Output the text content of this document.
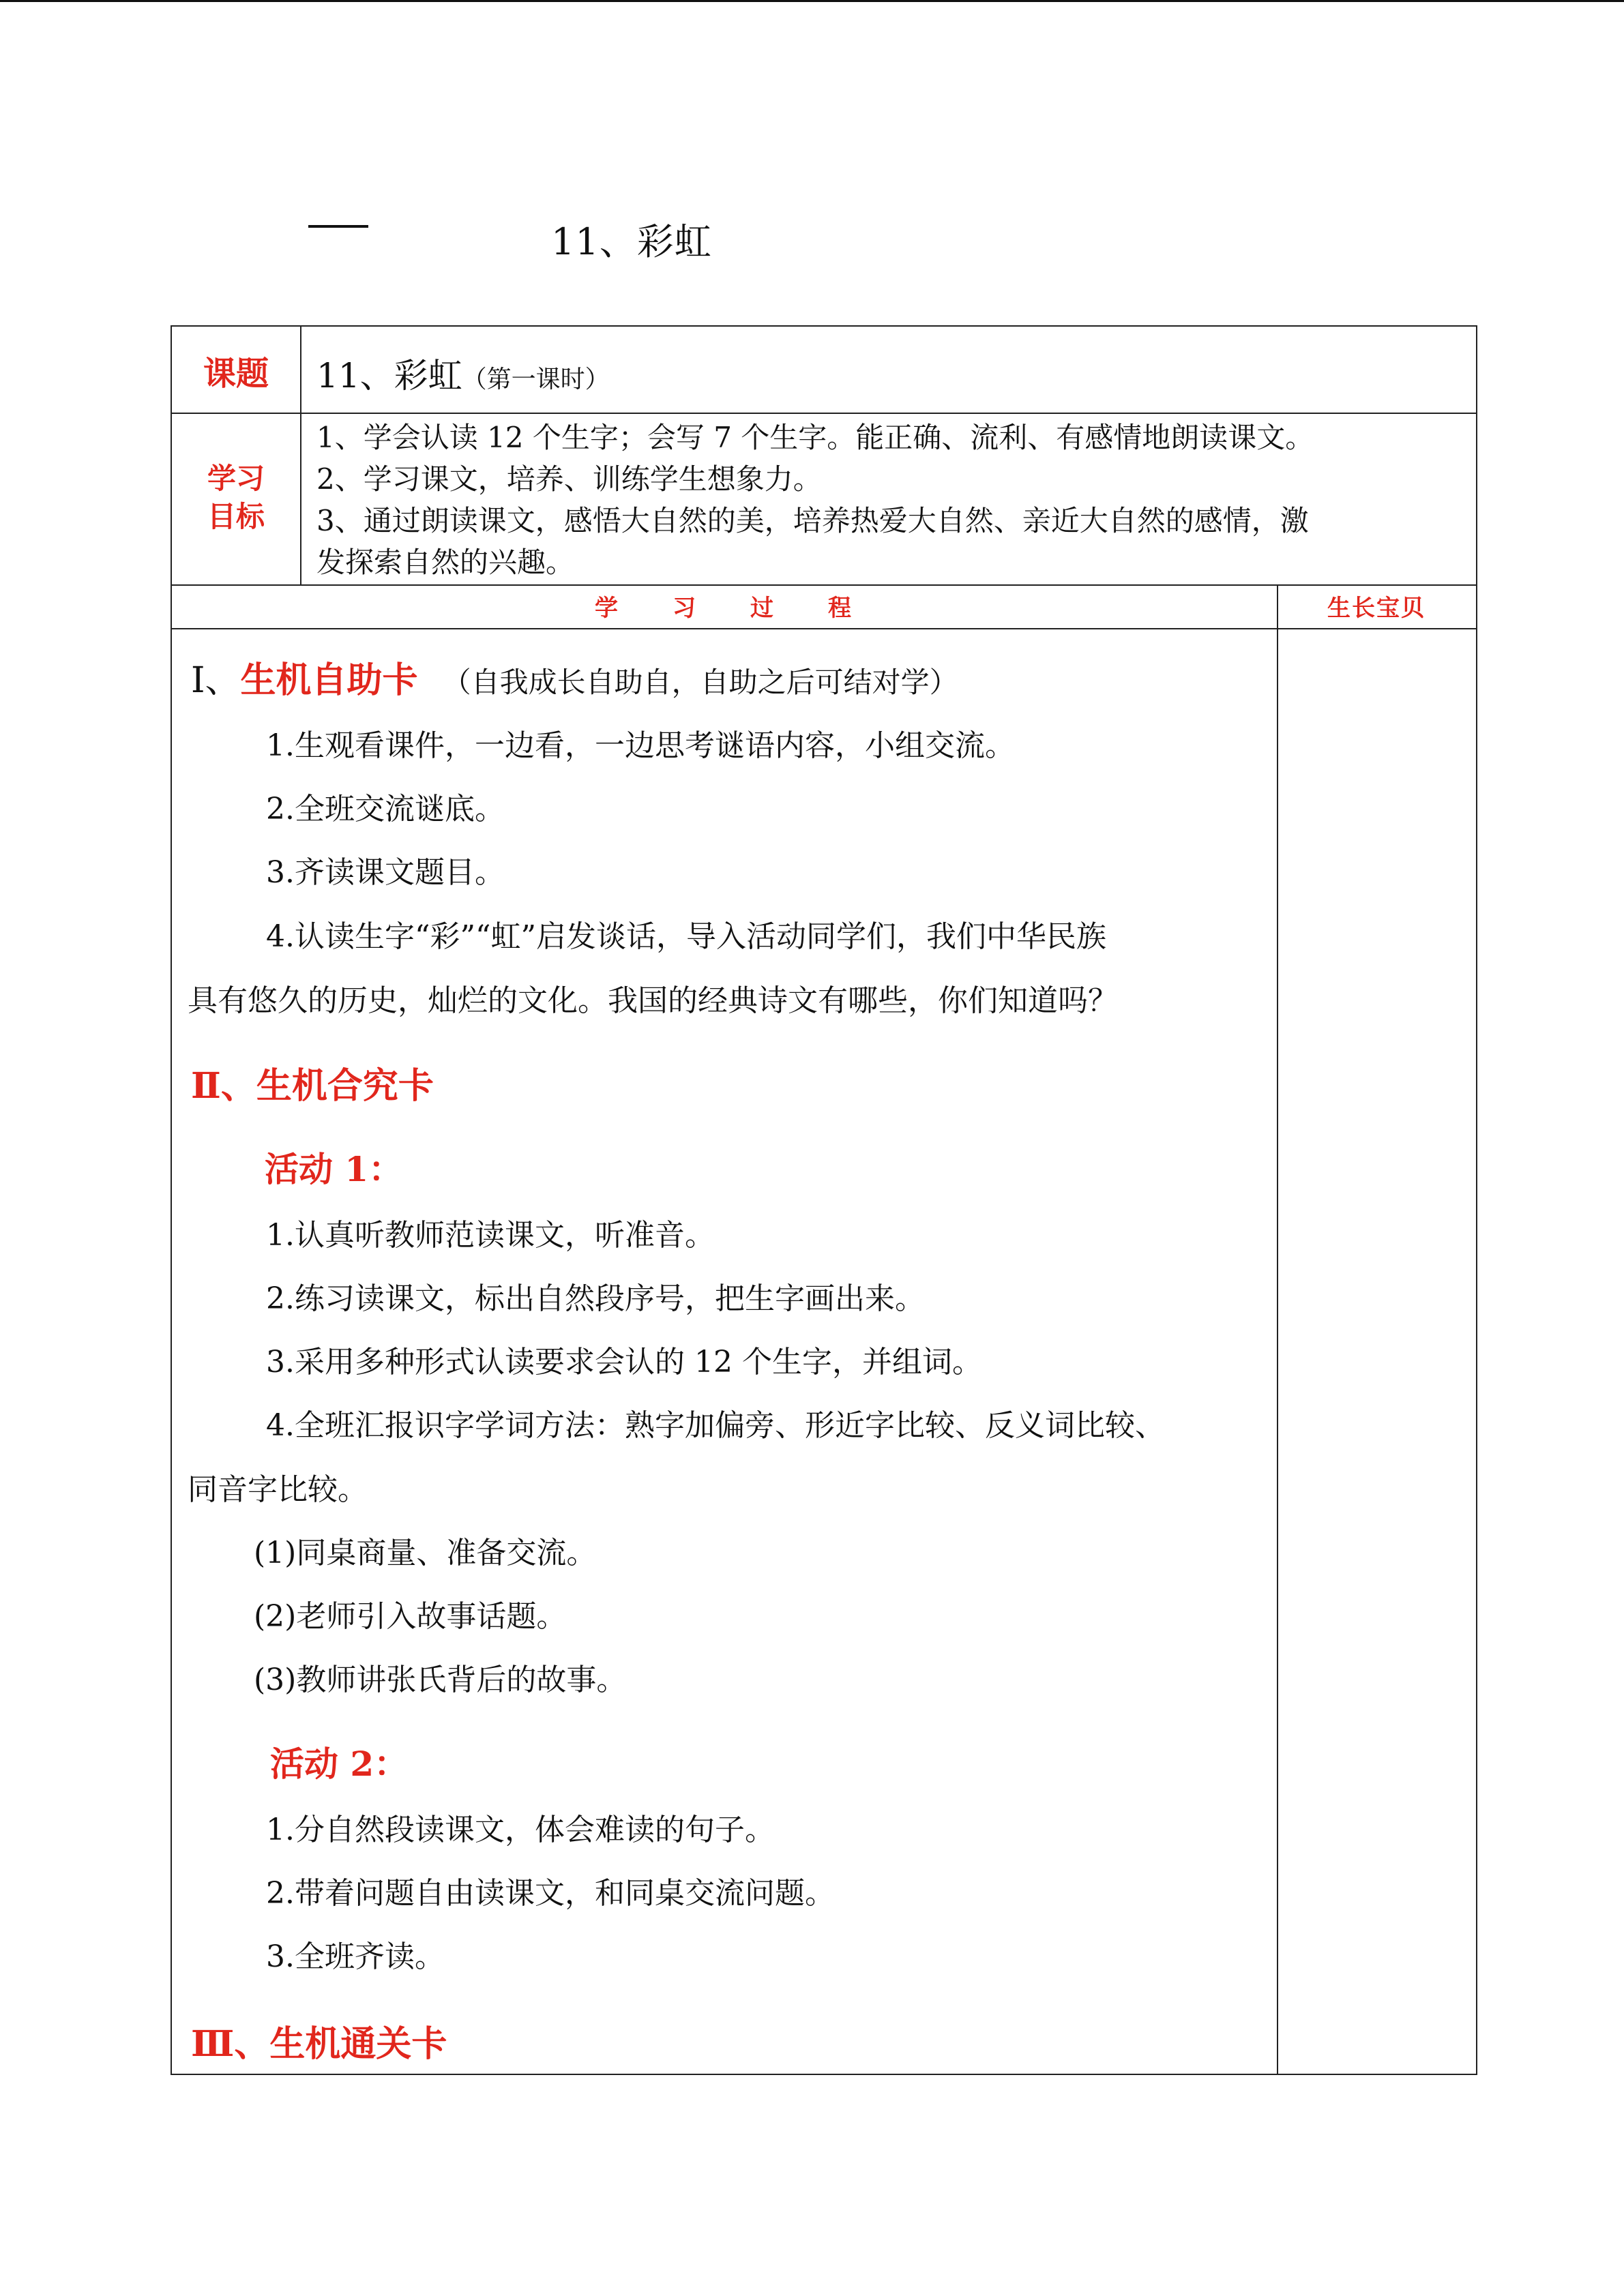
11、彩虹
课题	11、彩虹（第一课时）
学习
目标
1、学会认读 12 个生字；会写 7 个生字。能正确、流利、有感情地朗读课文。
2、学习课文，培养、训练学生想象力。
3、通过朗读课文，感悟大自然的美，培养热爱大自然、亲近大自然的感情，激
发探索自然的兴趣。
学　　习　　过　　程	生长宝贝
Ⅰ、生机自助卡 （自我成长自助自，自助之后可结对学）
1.生观看课件，一边看，一边思考谜语内容，小组交流。
2.全班交流谜底。
3.齐读课文题目。
4.认读生字“彩”“虹”启发谈话，导入活动同学们，我们中华民族
具有悠久的历史，灿烂的文化。我国的经典诗文有哪些，你们知道吗？
Ⅱ、生机合究卡
活动 1：
1.认真听教师范读课文，听准音。
2.练习读课文，标出自然段序号，把生字画出来。
3.采用多种形式认读要求会认的 12 个生字，并组词。
4.全班汇报识字学词方法：熟字加偏旁、形近字比较、反义词比较、
同音字比较。
(1)同桌商量、准备交流。
(2)老师引入故事话题。
(3)教师讲张氏背后的故事。
活动 2：
1.分自然段读课文，体会难读的句子。
2.带着问题自由读课文，和同桌交流问题。
3.全班齐读。
Ⅲ、生机通关卡
